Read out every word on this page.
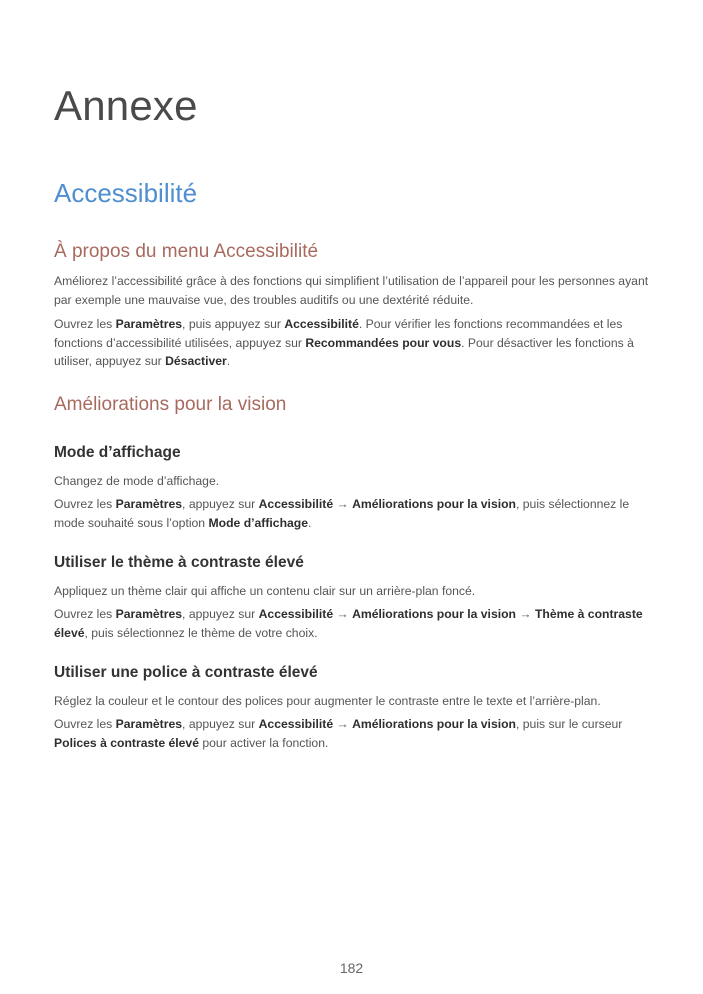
Annexe
Accessibilité
À propos du menu Accessibilité

Améliorez l’accessibilité grâce à des fonctions qui simplifient l’utilisation de l’appareil pour les personnes ayant par exemple une mauvaise vue, des troubles auditifs ou une dextérité réduite.

Ouvrez les Paramètres, puis appuyez sur Accessibilité. Pour vérifier les fonctions recommandées et les fonctions d’accessibilité utilisées, appuyez sur Recommandées pour vous. Pour désactiver les fonctions à utiliser, appuyez sur Désactiver.

Améliorations pour la vision
Mode d’affichage

Changez de mode d’affichage.

Ouvrez les Paramètres, appuyez sur Accessibilité → Améliorations pour la vision, puis sélectionnez le mode souhaité sous l’option Mode d’affichage.

Utiliser le thème à contraste élevé

Appliquez un thème clair qui affiche un contenu clair sur un arrière-plan foncé.

Ouvrez les Paramètres, appuyez sur Accessibilité → Améliorations pour la vision → Thème à contraste élevé, puis sélectionnez le thème de votre choix.

Utiliser une police à contraste élevé

Réglez la couleur et le contour des polices pour augmenter le contraste entre le texte et l’arrière-plan.

Ouvrez les Paramètres, appuyez sur Accessibilité → Améliorations pour la vision, puis sur le curseur Polices à contraste élevé pour activer la fonction.

182
